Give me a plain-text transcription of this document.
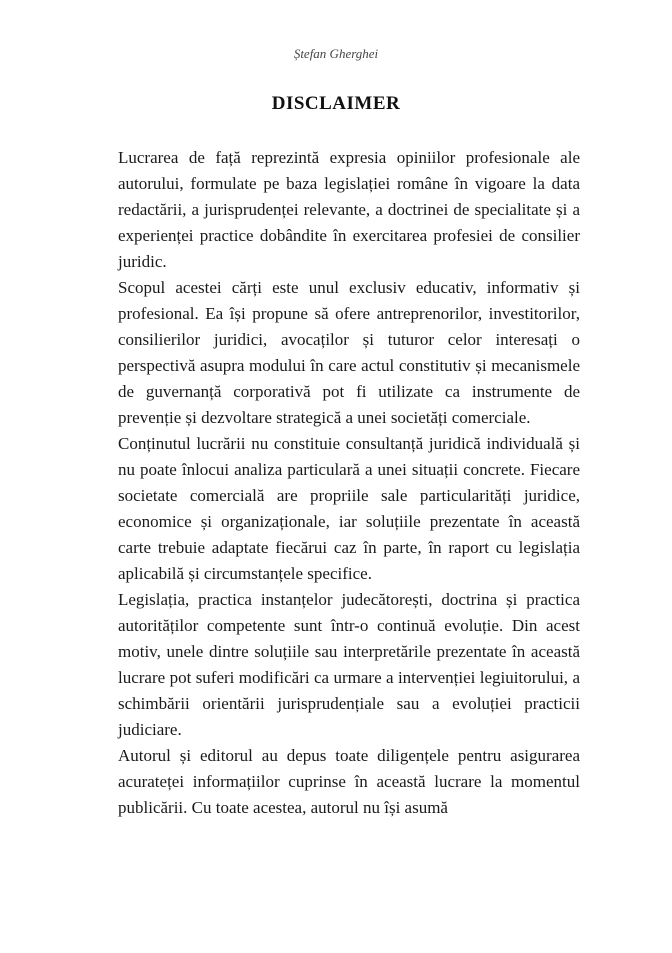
Ștefan Gherghei
DISCLAIMER

Lucrarea de față reprezintă expresia opiniilor profesionale ale autorului, formulate pe baza legislației române în vigoare la data redactării, a jurisprudenței relevante, a doctrinei de specialitate și a experienței practice dobândite în exercitarea profesiei de consilier juridic.

Scopul acestei cărți este unul exclusiv educativ, informativ și profesional. Ea își propune să ofere antreprenorilor, investitorilor, consilierilor juridici, avocaților și tuturor celor interesați o perspectivă asupra modului în care actul constitutiv și mecanismele de guvernanță corporativă pot fi utilizate ca instrumente de prevenție și dezvoltare strategică a unei societăți comerciale.

Conținutul lucrării nu constituie consultanță juridică individuală și nu poate înlocui analiza particulară a unei situații concrete. Fiecare societate comercială are propriile sale particularități juridice, economice și organizaționale, iar soluțiile prezentate în această carte trebuie adaptate fiecărui caz în parte, în raport cu legislația aplicabilă și circumstanțele specifice.

Legislația, practica instanțelor judecătorești, doctrina și practica autorităților competente sunt într-o continuă evoluție. Din acest motiv, unele dintre soluțiile sau interpretările prezentate în această lucrare pot suferi modificări ca urmare a intervenției legiuitorului, a schimbării orientării jurisprudențiale sau a evoluției practicii judiciare.

Autorul și editorul au depus toate diligențele pentru asigurarea acurateței informațiilor cuprinse în această lucrare la momentul publicării. Cu toate acestea, autorul nu își asumă
